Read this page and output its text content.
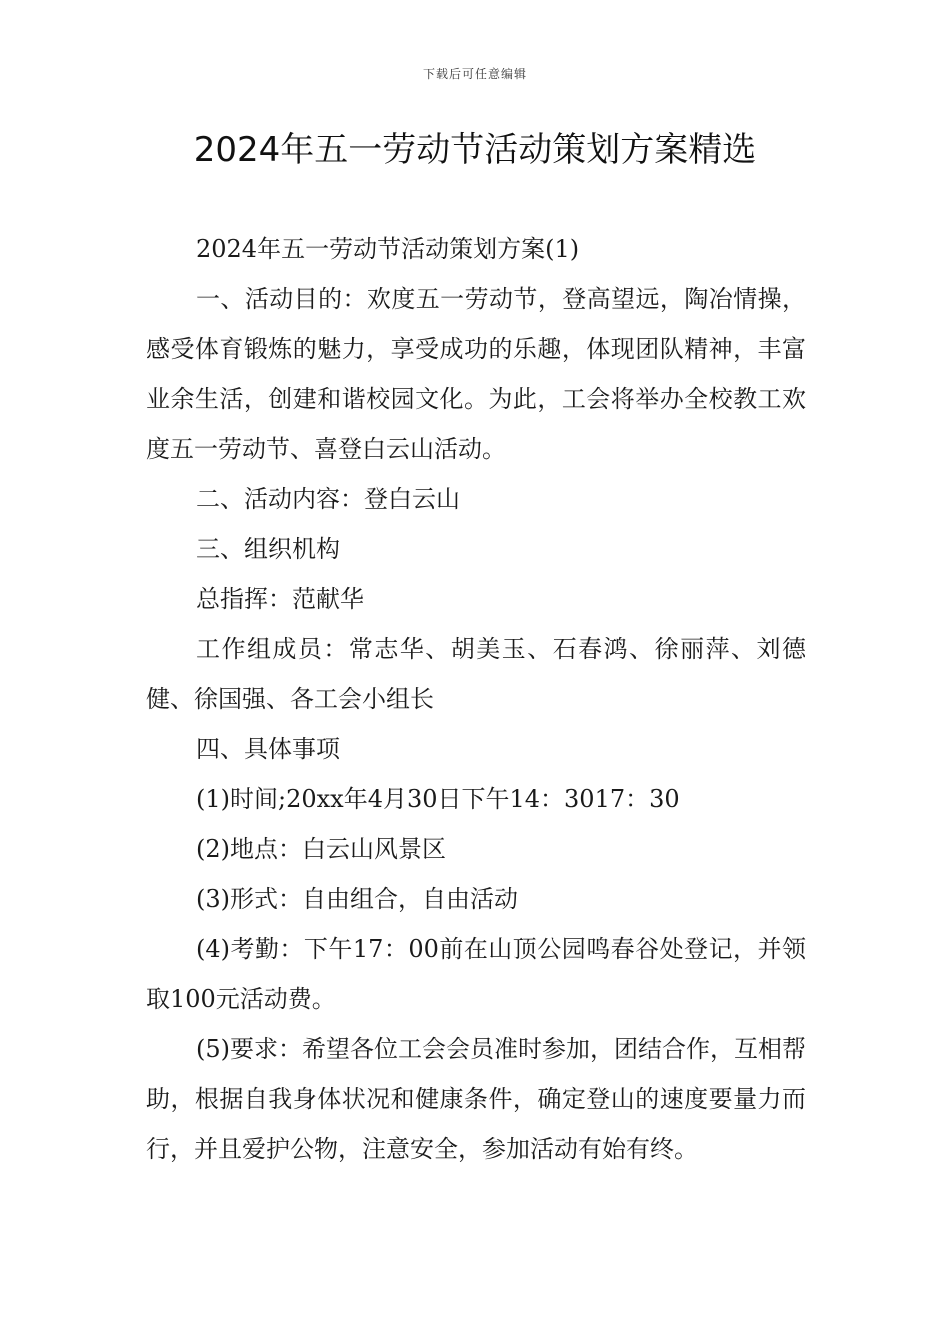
下载后可任意编辑
2024年五一劳动节活动策划方案精选

2024年五一劳动节活动策划方案(1)

一、活动目的：欢度五一劳动节，登高望远，陶冶情操，感受体育锻炼的魅力，享受成功的乐趣，体现团队精神，丰富业余生活，创建和谐校园文化。为此，工会将举办全校教工欢度五一劳动节、喜登白云山活动。

二、活动内容：登白云山

三、组织机构

总指挥：范献华

工作组成员：常志华、胡美玉、石春鸿、徐丽萍、刘德健、徐国强、各工会小组长

四、具体事项

(1)时间;20xx年4月30日下午14：3017：30

(2)地点：白云山风景区

(3)形式：自由组合，自由活动

(4)考勤：下午17：00前在山顶公园鸣春谷处登记，并领取100元活动费。

(5)要求：希望各位工会会员准时参加，团结合作，互相帮助，根据自我身体状况和健康条件，确定登山的速度要量力而行，并且爱护公物，注意安全，参加活动有始有终。
